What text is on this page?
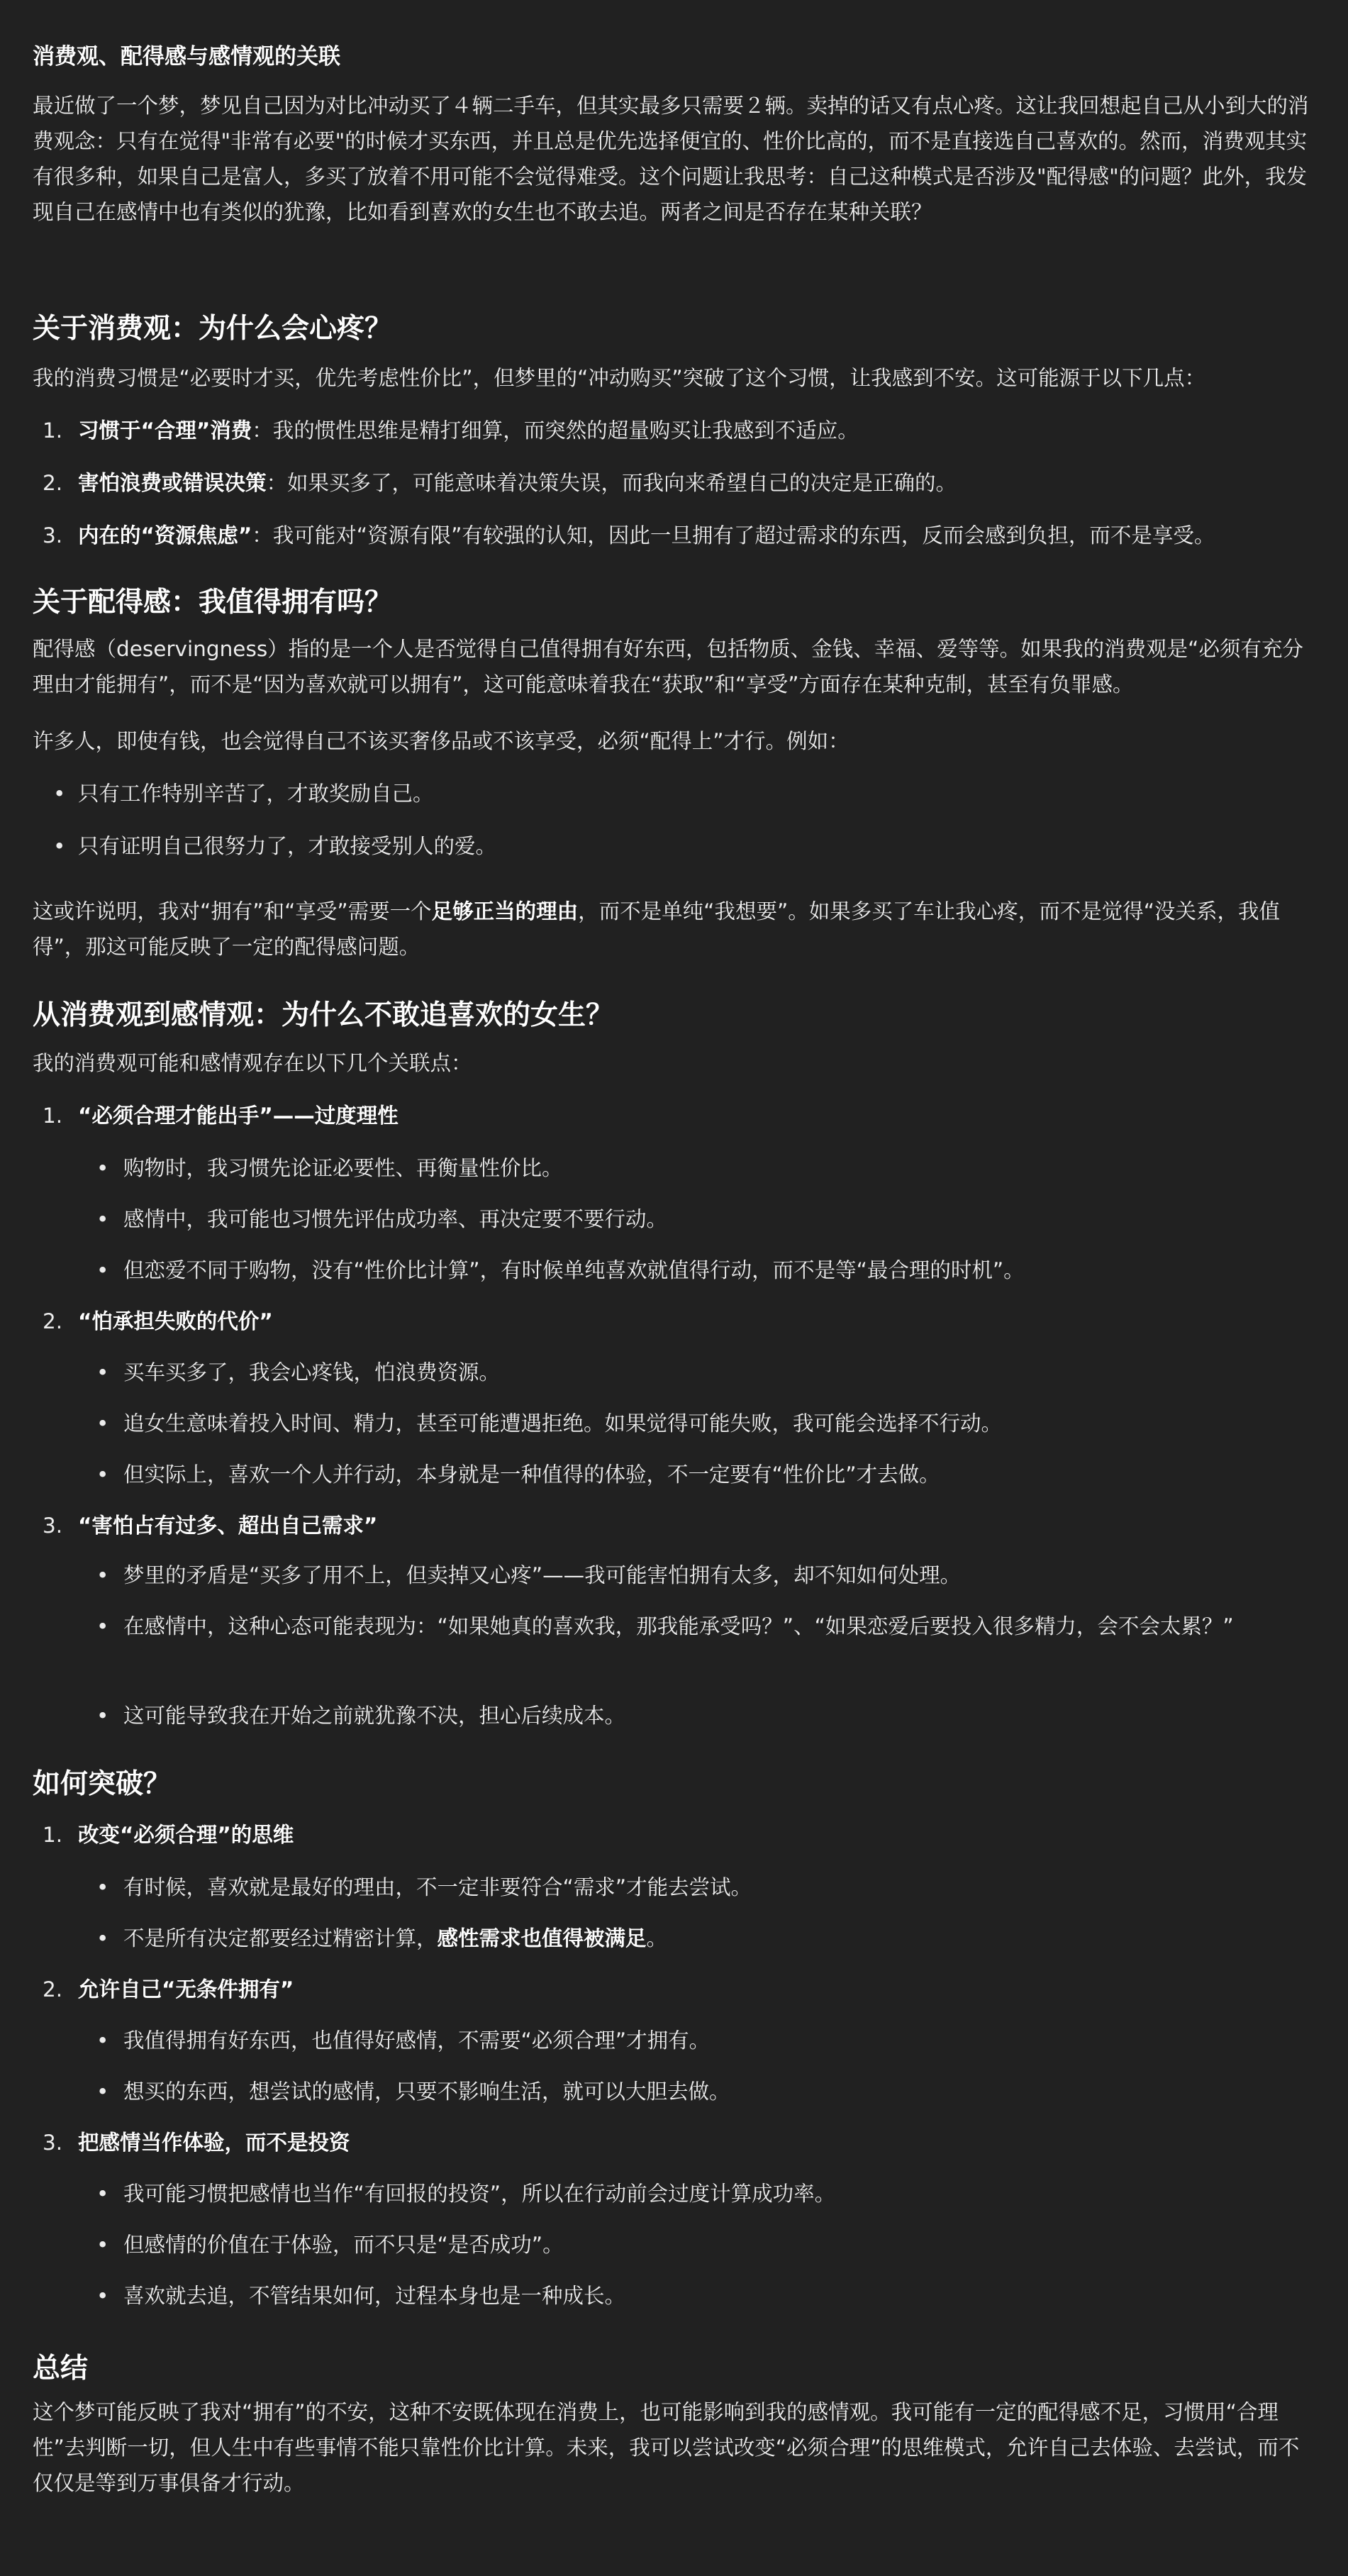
消费观、配得感与感情观的关联

最近做了一个梦，梦见自己因为对比冲动买了４辆二手车，但其实最多只需要２辆。卖掉的话又有点心疼。这让我回想起自己从小到大的消费观念：只有在觉得"非常有必要"的时候才买东西，并且总是优先选择便宜的、性价比高的，而不是直接选自己喜欢的。然而，消费观其实有很多种，如果自己是富人，多买了放着不用可能不会觉得难受。这个问题让我思考：自己这种模式是否涉及"配得感"的问题？此外，我发现自己在感情中也有类似的犹豫，比如看到喜欢的女生也不敢去追。两者之间是否存在某种关联？

关于消费观：为什么会心疼？

我的消费习惯是“必要时才买，优先考虑性价比”，但梦里的“冲动购买”突破了这个习惯，让我感到不安。这可能源于以下几点：

1. 习惯于“合理”消费：我的惯性思维是精打细算，而突然的超量购买让我感到不适应。
2. 害怕浪费或错误决策：如果买多了，可能意味着决策失误，而我向来希望自己的决定是正确的。
3. 内在的“资源焦虑”：我可能对“资源有限”有较强的认知，因此一旦拥有了超过需求的东西，反而会感到负担，而不是享受。
关于配得感：我值得拥有吗？

配得感（deservingness）指的是一个人是否觉得自己值得拥有好东西，包括物质、金钱、幸福、爱等等。如果我的消费观是“必须有充分理由才能拥有”，而不是“因为喜欢就可以拥有”，这可能意味着我在“获取”和“享受”方面存在某种克制，甚至有负罪感。

许多人，即使有钱，也会觉得自己不该买奢侈品或不该享受，必须“配得上”才行。例如：

• 只有工作特别辛苦了，才敢奖励自己。
• 只有证明自己很努力了，才敢接受别人的爱。

这或许说明，我对“拥有”和“享受”需要一个足够正当的理由，而不是单纯“我想要”。如果多买了车让我心疼，而不是觉得“没关系，我值得”，那这可能反映了一定的配得感问题。

从消费观到感情观：为什么不敢追喜欢的女生？

我的消费观可能和感情观存在以下几个关联点：

1. “必须合理才能出手”——过度理性
• 购物时，我习惯先论证必要性、再衡量性价比。
• 感情中，我可能也习惯先评估成功率、再决定要不要行动。
• 但恋爱不同于购物，没有“性价比计算”，有时候单纯喜欢就值得行动，而不是等“最合理的时机”。
2. “怕承担失败的代价”
• 买车买多了，我会心疼钱，怕浪费资源。
• 追女生意味着投入时间、精力，甚至可能遭遇拒绝。如果觉得可能失败，我可能会选择不行动。
• 但实际上，喜欢一个人并行动，本身就是一种值得的体验，不一定要有“性价比”才去做。
3. “害怕占有过多、超出自己需求”
• 梦里的矛盾是“买多了用不上，但卖掉又心疼”——我可能害怕拥有太多，却不知如何处理。
• 在感情中，这种心态可能表现为：“如果她真的喜欢我，那我能承受吗？”、“如果恋爱后要投入很多精力，会不会太累？”
• 这可能导致我在开始之前就犹豫不决，担心后续成本。
如何突破？
1. 改变“必须合理”的思维
• 有时候，喜欢就是最好的理由，不一定非要符合“需求”才能去尝试。
• 不是所有决定都要经过精密计算，感性需求也值得被满足。
2. 允许自己“无条件拥有”
• 我值得拥有好东西，也值得好感情，不需要“必须合理”才拥有。
• 想买的东西，想尝试的感情，只要不影响生活，就可以大胆去做。
3. 把感情当作体验，而不是投资
• 我可能习惯把感情也当作“有回报的投资”，所以在行动前会过度计算成功率。
• 但感情的价值在于体验，而不只是“是否成功”。
• 喜欢就去追，不管结果如何，过程本身也是一种成长。
总结

这个梦可能反映了我对“拥有”的不安，这种不安既体现在消费上，也可能影响到我的感情观。我可能有一定的配得感不足，习惯用“合理性”去判断一切，但人生中有些事情不能只靠性价比计算。未来，我可以尝试改变“必须合理”的思维模式，允许自己去体验、去尝试，而不仅仅是等到万事俱备才行动。
